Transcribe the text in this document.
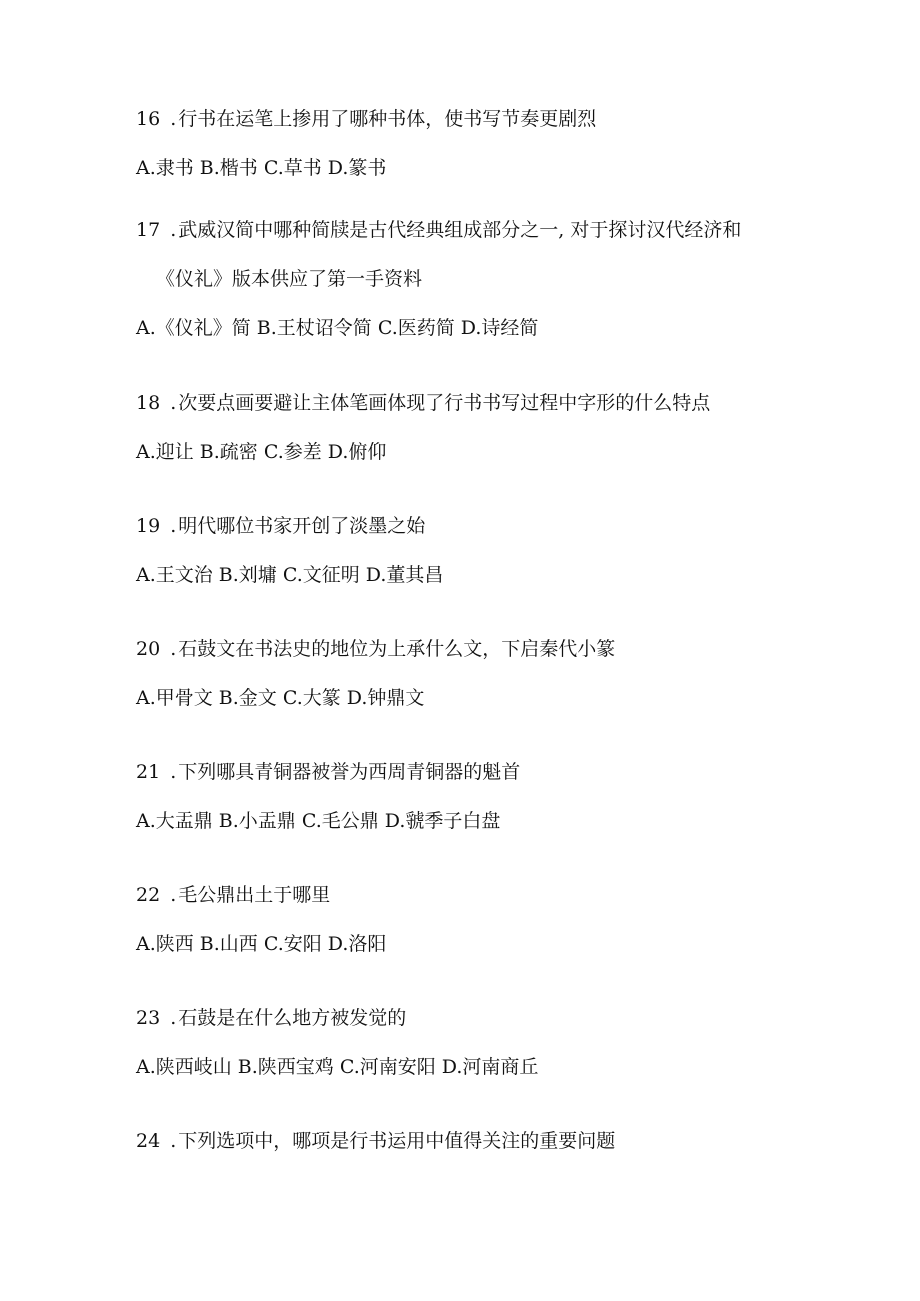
16 . 行书在运笔上掺用了哪种书体，使书写节奏更剧烈
A.隶书 B.楷书 C.草书 D.篆书
17 . 武威汉简中哪种简牍是古代经典组成部分之一, 对于探讨汉代经济和
《仪礼》版本供应了第一手资料
A.《仪礼》简 B.王杖诏令简 C.医药简 D.诗经简
18 . 次要点画要避让主体笔画体现了行书书写过程中字形的什么特点
A.迎让 B.疏密 C.参差 D.俯仰
19 . 明代哪位书家开创了淡墨之始
A.王文治 B.刘墉 C.文征明 D.董其昌
20 . 石鼓文在书法史的地位为上承什么文，下启秦代小篆
A.甲骨文 B.金文 C.大篆 D.钟鼎文
21 . 下列哪具青铜器被誉为西周青铜器的魁首
A.大盂鼎 B.小盂鼎 C.毛公鼎 D.虢季子白盘
22 . 毛公鼎出土于哪里
A.陕西 B.山西 C.安阳 D.洛阳
23 . 石鼓是在什么地方被发觉的
A.陕西岐山 B.陕西宝鸡 C.河南安阳 D.河南商丘
24 . 下列选项中，哪项是行书运用中值得关注的重要问题
